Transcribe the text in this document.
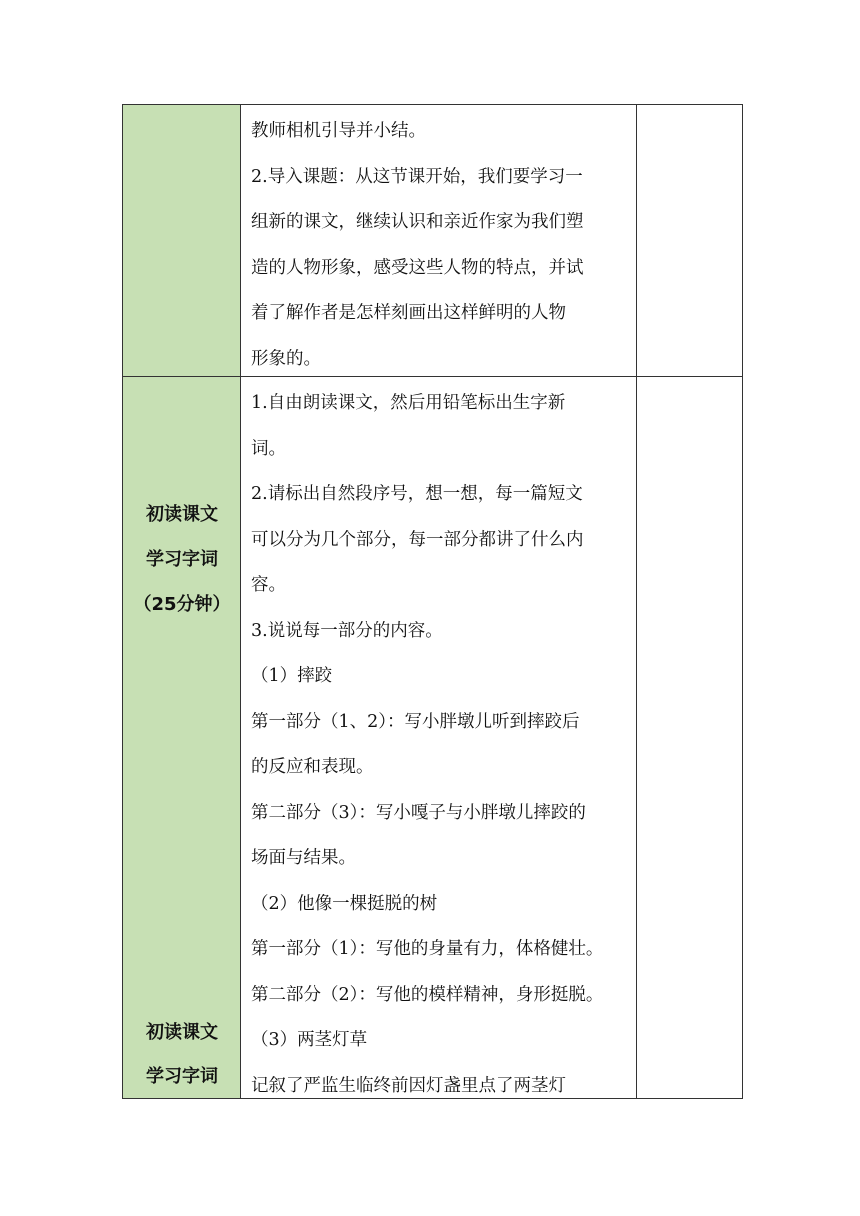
教师相机引导并小结。
2.导入课题：从这节课开始，我们要学习一
组新的课文，继续认识和亲近作家为我们塑
造的人物形象，感受这些人物的特点，并试
着了解作者是怎样刻画出这样鲜明的人物
形象的。
初读课文
学习字词
（25分钟）
初读课文
学习字词
1.自由朗读课文，然后用铅笔标出生字新
词。
2.请标出自然段序号，想一想，每一篇短文
可以分为几个部分，每一部分都讲了什么内
容。
3.说说每一部分的内容。
（1）摔跤
第一部分（1、2）：写小胖墩儿听到摔跤后
的反应和表现。
第二部分（3）：写小嘎子与小胖墩儿摔跤的
场面与结果。
（2）他像一棵挺脱的树
第一部分（1）：写他的身量有力，体格健壮。
第二部分（2）：写他的模样精神，身形挺脱。
（3）两茎灯草
记叙了严监生临终前因灯盏里点了两茎灯
